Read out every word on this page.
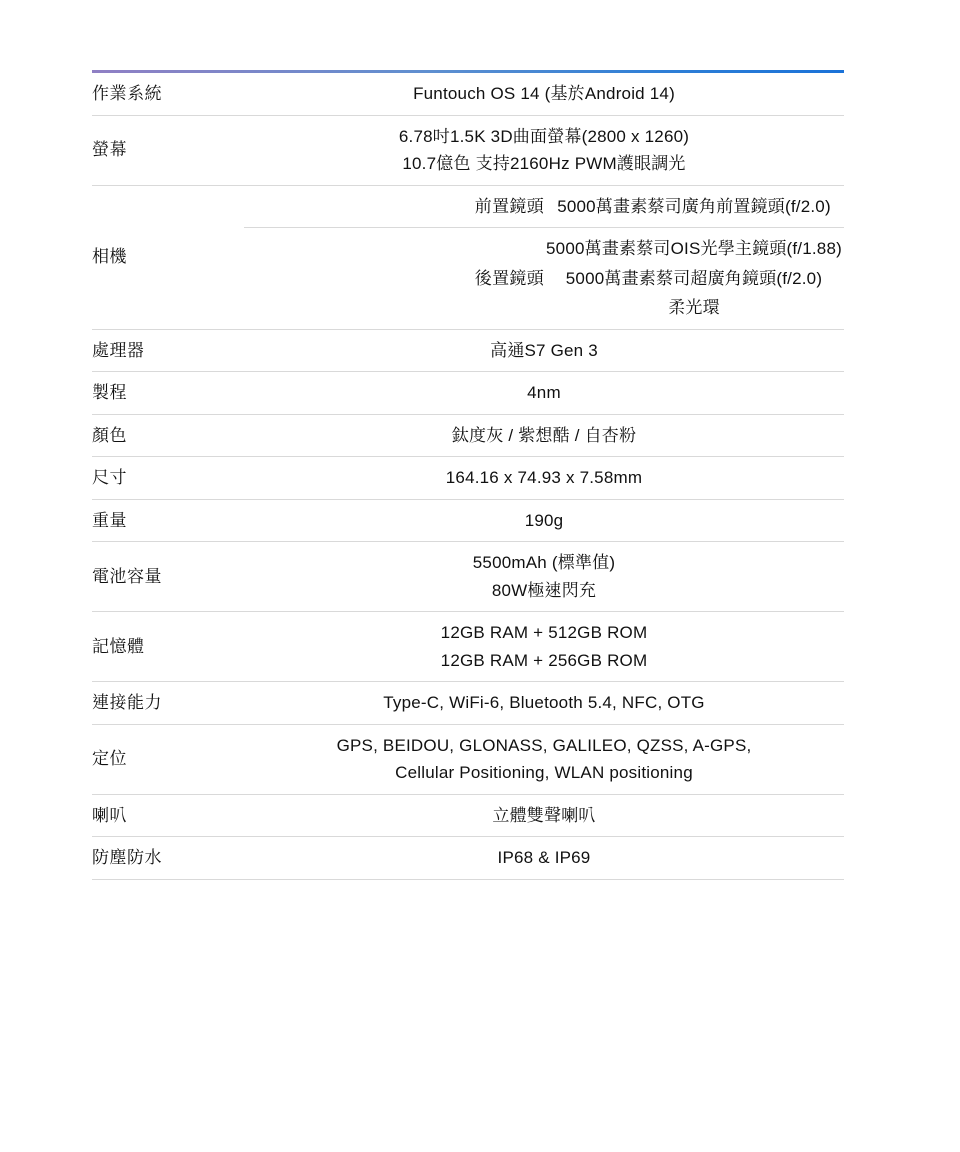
作業系統	Funtouch OS 14 (基於Android 14)	
螢幕	6.78吋1.5K 3D曲面螢幕(2800 x 1260)
10.7億色 支持2160Hz PWM護眼調光	

相機	前置鏡頭	5000萬畫素蔡司廣角前置鏡頭(f/2.0)
	後置鏡頭	5000萬畫素蔡司OIS光學主鏡頭(f/1.88)
5000萬畫素蔡司超廣角鏡頭(f/2.0)
柔光環

處理器	高通S7 Gen 3	
製程	4nm	
顏色	鈦度灰 / 紫想酷 / 自杏粉	
尺寸	164.16 x 74.93 x 7.58mm	
重量	190g	
電池容量	5500mAh (標準值)
80W極速閃充	

記憶體	12GB RAM + 512GB ROM
12GB RAM + 256GB ROM	

連接能力	Type-C, WiFi-6, Bluetooth 5.4, NFC, OTG	
定位	GPS, BEIDOU, GLONASS, GALILEO, QZSS, A-GPS,
Cellular Positioning, WLAN positioning	

喇叭	立體雙聲喇叭	
防塵防水	IP68 & IP69	
